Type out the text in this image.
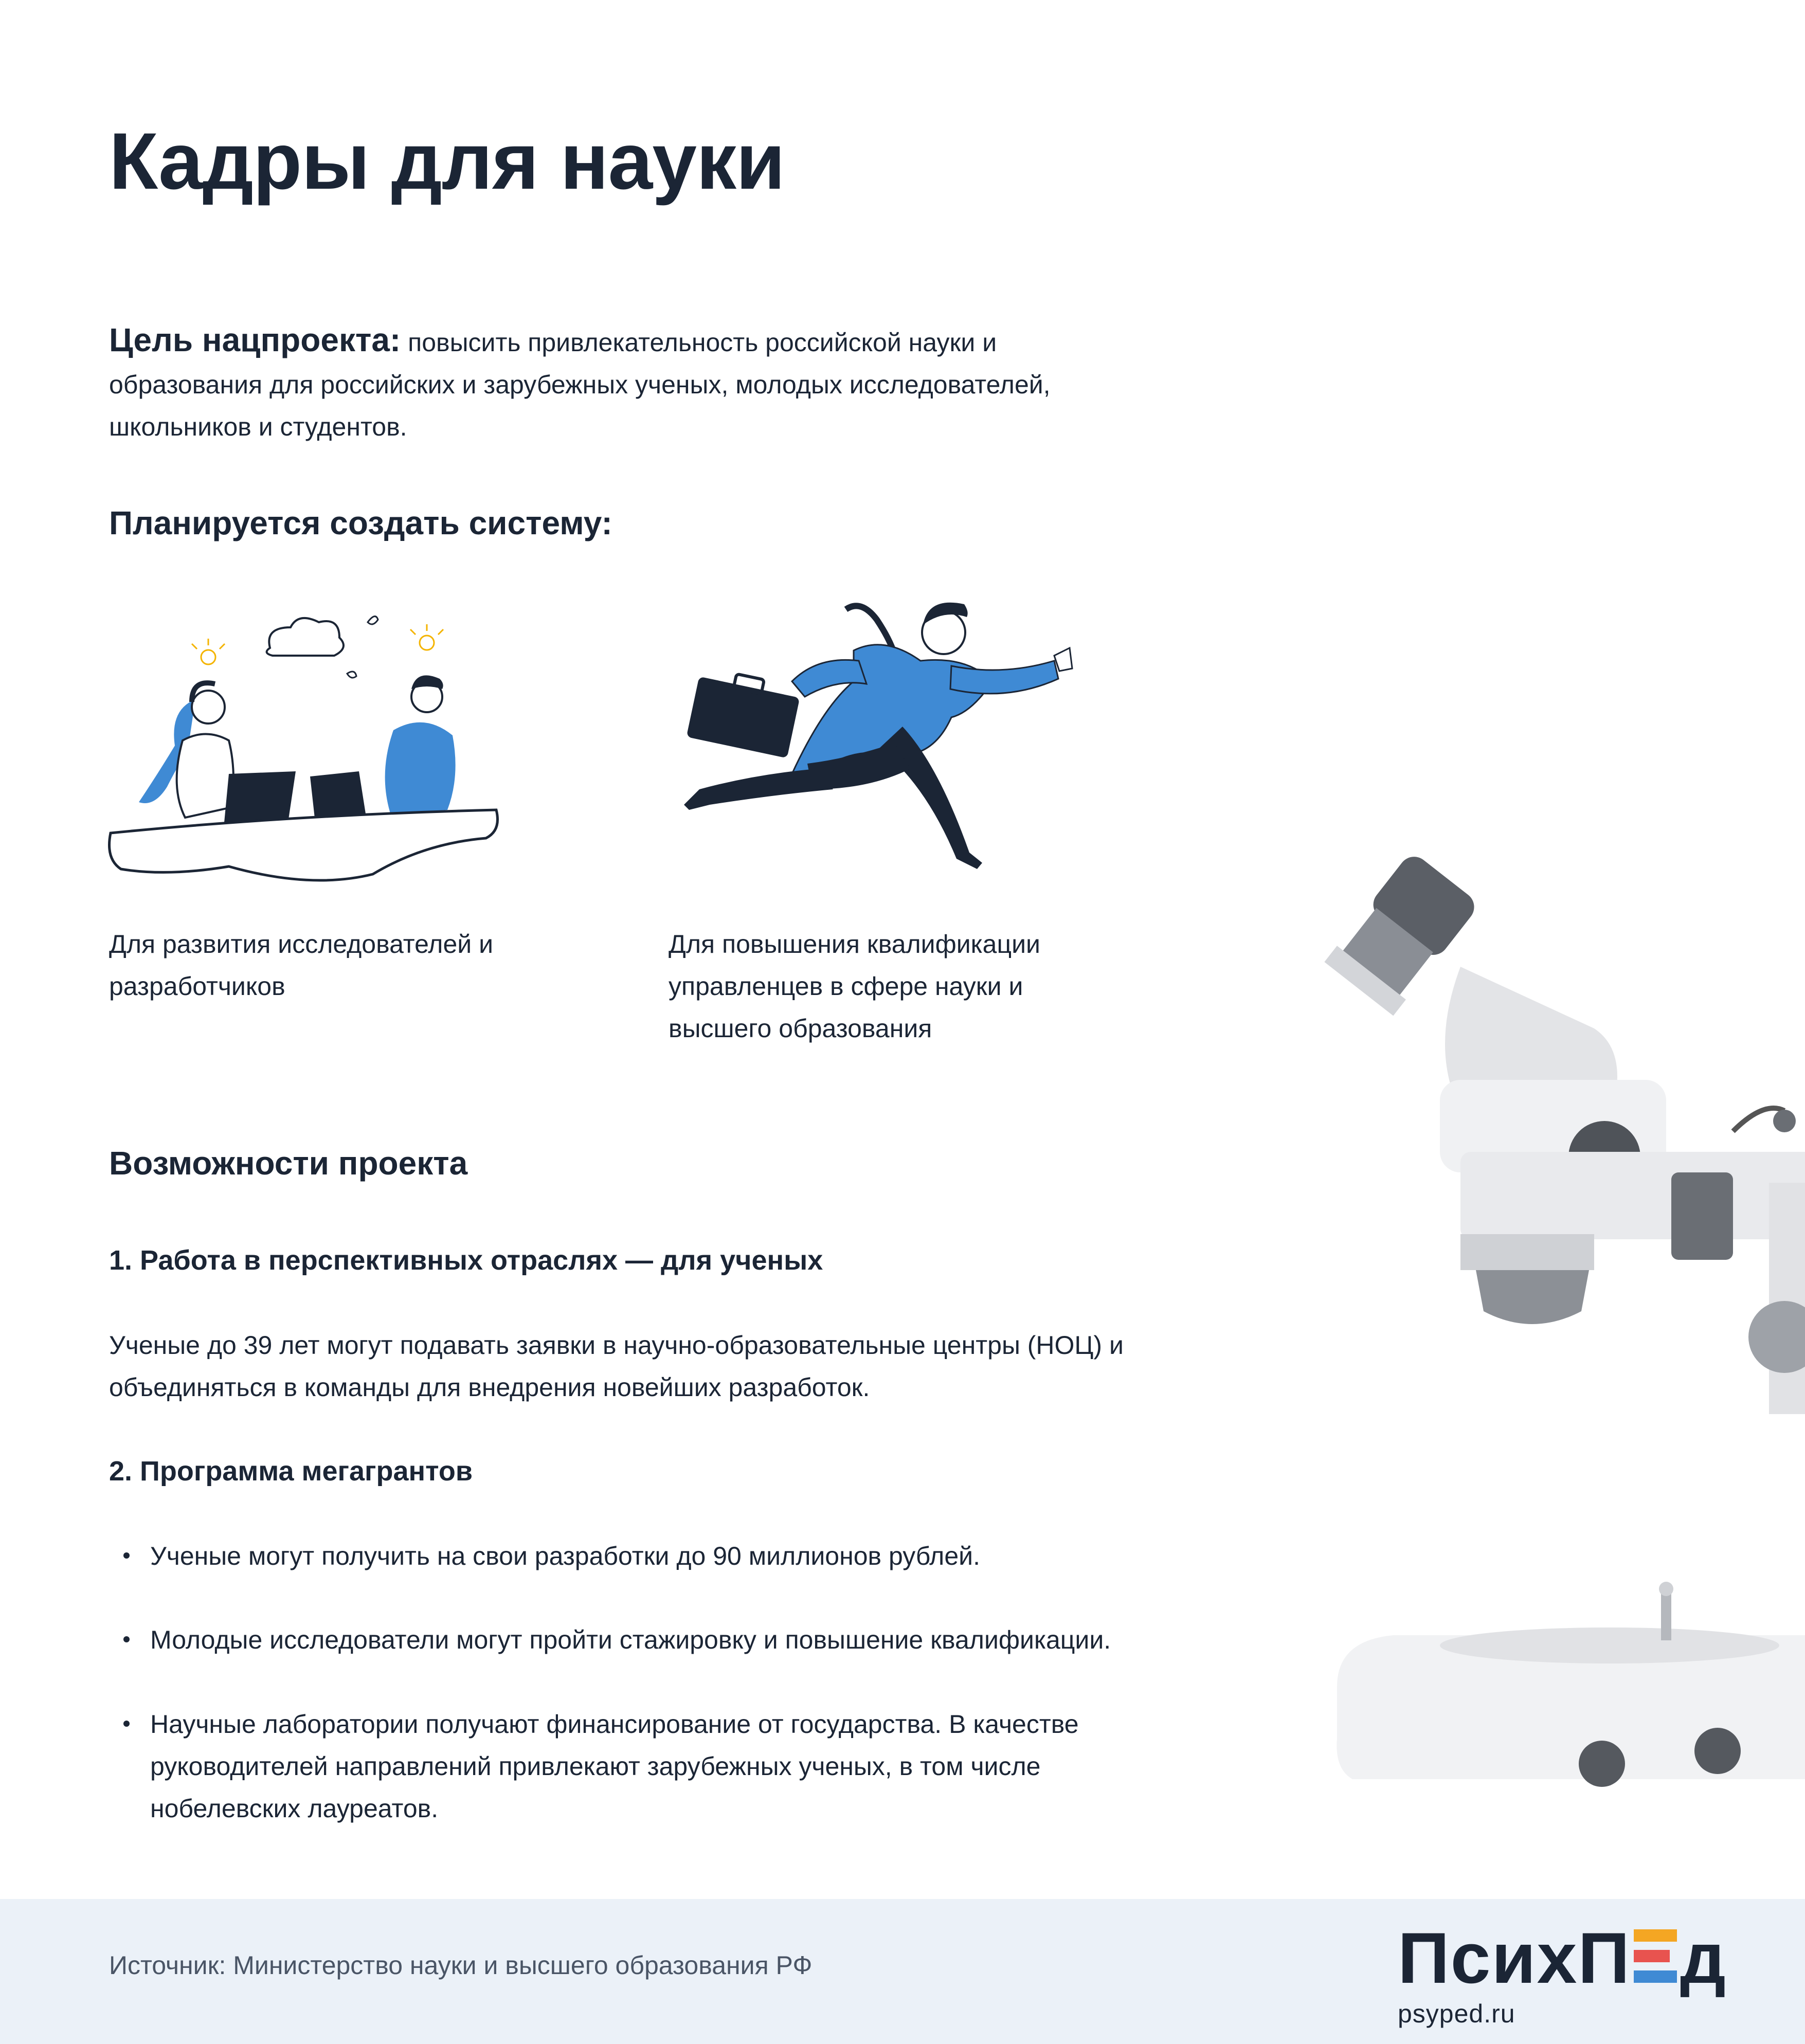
Кадры для науки

Цель нацпроекта: повысить привлекательность российской науки и образования для российских и зарубежных ученых, молодых исследователей, школьников и студентов.

Планируется создать систему:

Для развития исследователей и разработчиков

Для повышения квалификации управленцев в сфере науки и высшего образования

Возможности проекта
1. Работа в перспективных отраслях — для ученых

Ученые до 39 лет могут подавать заявки в научно-образовательные центры (НОЦ) и объединяться в команды для внедрения новейших разработок.

2. Программа мегагрантов
Ученые могут получить на свои разработки до 90 миллионов рублей.
Молодые исследователи могут пройти стажировку и повышение квалификации.
Научные лаборатории получают финансирование от государства. В качестве руководителей направлений привлекают зарубежных ученых, в том числе нобелевских лауреатов.
Источник: Министерство науки и высшего образования РФ	ПсихП д
psyped.ru
